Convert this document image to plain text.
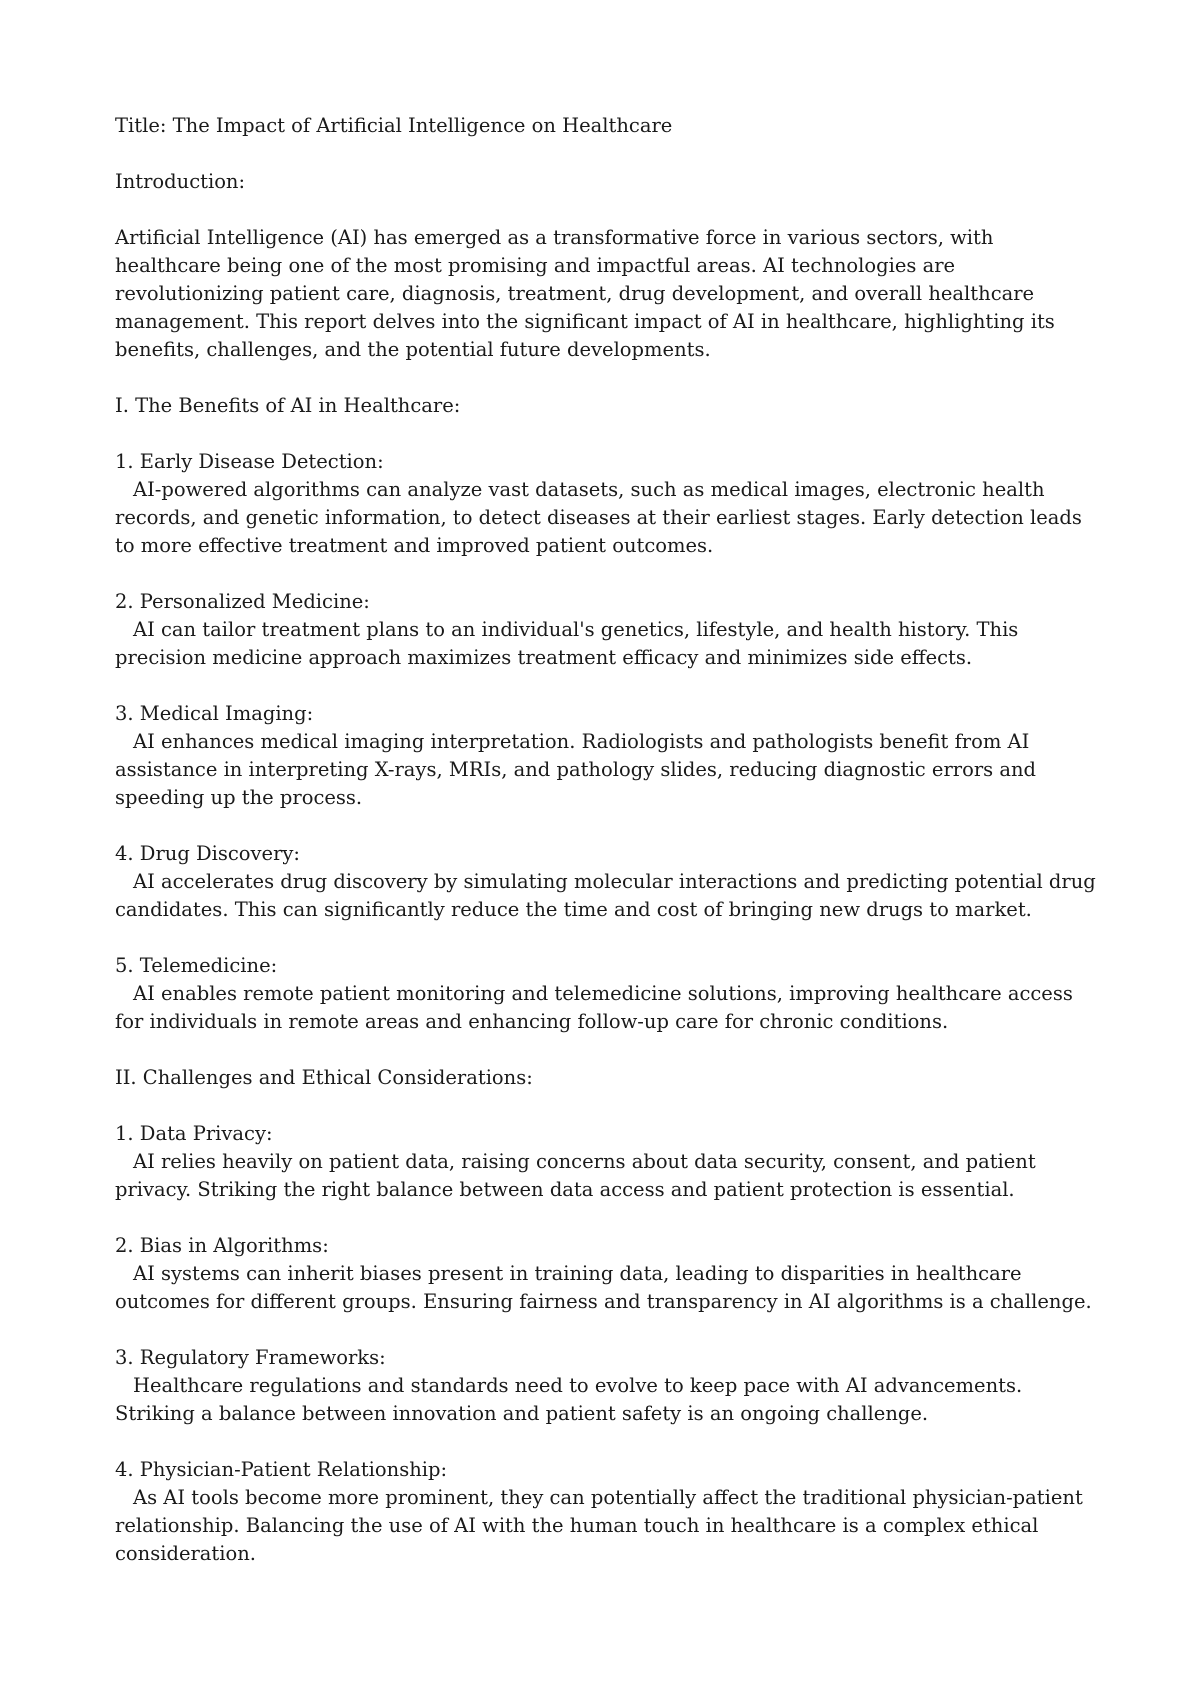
Title: The Impact of Artificial Intelligence on Healthcare

Introduction:

Artificial Intelligence (AI) has emerged as a transformative force in various sectors, with healthcare being one of the most promising and impactful areas. AI technologies are revolutionizing patient care, diagnosis, treatment, drug development, and overall healthcare management. This report delves into the significant impact of AI in healthcare, highlighting its benefits, challenges, and the potential future developments.

I. The Benefits of AI in Healthcare:

1. Early Disease Detection:

AI-powered algorithms can analyze vast datasets, such as medical images, electronic health records, and genetic information, to detect diseases at their earliest stages. Early detection leads to more effective treatment and improved patient outcomes.

2. Personalized Medicine:

AI can tailor treatment plans to an individual's genetics, lifestyle, and health history. This precision medicine approach maximizes treatment efficacy and minimizes side effects.

3. Medical Imaging:

AI enhances medical imaging interpretation. Radiologists and pathologists benefit from AI assistance in interpreting X-rays, MRIs, and pathology slides, reducing diagnostic errors and speeding up the process.

4. Drug Discovery:

AI accelerates drug discovery by simulating molecular interactions and predicting potential drug candidates. This can significantly reduce the time and cost of bringing new drugs to market.

5. Telemedicine:

AI enables remote patient monitoring and telemedicine solutions, improving healthcare access for individuals in remote areas and enhancing follow-up care for chronic conditions.

II. Challenges and Ethical Considerations:

1. Data Privacy:

AI relies heavily on patient data, raising concerns about data security, consent, and patient privacy. Striking the right balance between data access and patient protection is essential.

2. Bias in Algorithms:

AI systems can inherit biases present in training data, leading to disparities in healthcare outcomes for different groups. Ensuring fairness and transparency in AI algorithms is a challenge.

3. Regulatory Frameworks:

Healthcare regulations and standards need to evolve to keep pace with AI advancements. Striking a balance between innovation and patient safety is an ongoing challenge.

4. Physician-Patient Relationship:

As AI tools become more prominent, they can potentially affect the traditional physician-patient relationship. Balancing the use of AI with the human touch in healthcare is a complex ethical consideration.
